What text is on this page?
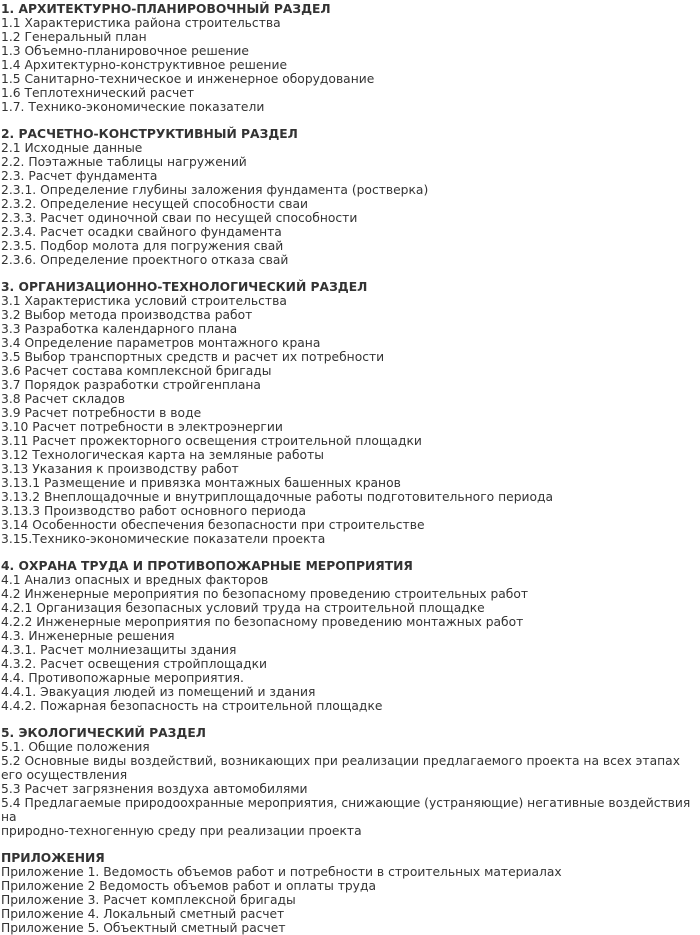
1. АРХИТЕКТУРНО-ПЛАНИРОВОЧНЫЙ РАЗДЕЛ
1.1 Характеристика района строительства
1.2 Генеральный план
1.3 Объемно-планировочное решение
1.4 Архитектурно-конструктивное решение
1.5 Санитарно-техническое и инженерное оборудование
1.6 Теплотехнический расчет
1.7. Технико-экономические показатели
2. РАСЧЕТНО-КОНСТРУКТИВНЫЙ РАЗДЕЛ
2.1 Исходные данные
2.2. Поэтажные таблицы нагружений
2.3. Расчет фундамента
2.3.1. Определение глубины заложения фундамента (ростверка)
2.3.2. Определение несущей способности сваи
2.3.3. Расчет одиночной сваи по несущей способности
2.3.4. Расчет осадки свайного фундамента
2.3.5. Подбор молота для погружения свай
2.3.6. Определение проектного отказа свай
3. ОРГАНИЗАЦИОННО-ТЕХНОЛОГИЧЕСКИЙ РАЗДЕЛ
3.1 Характеристика условий строительства
3.2 Выбор метода производства работ
3.3 Разработка календарного плана
3.4 Определение параметров монтажного крана
3.5 Выбор транспортных средств и расчет их потребности
3.6 Расчет состава комплексной бригады
3.7 Порядок разработки стройгенплана
3.8 Расчет складов
3.9 Расчет потребности в воде
3.10 Расчет потребности в электроэнергии
3.11 Расчет прожекторного освещения строительной площадки
3.12 Технологическая карта на земляные работы
3.13 Указания к производству работ
3.13.1 Размещение и привязка монтажных башенных кранов
3.13.2 Внеплощадочные и внутриплощадочные работы подготовительного периода
3.13.3 Производство работ основного периода
3.14 Особенности обеспечения безопасности при строительстве
3.15.Технико-экономические показатели проекта
4. ОХРАНА ТРУДА И ПРОТИВОПОЖАРНЫЕ МЕРОПРИЯТИЯ
4.1 Анализ опасных и вредных факторов
4.2 Инженерные мероприятия по безопасному проведению строительных работ
4.2.1 Организация безопасных условий труда на строительной площадке
4.2.2 Инженерные мероприятия по безопасному проведению монтажных работ
4.3. Инженерные решения
4.3.1. Расчет молниезащиты здания
4.3.2. Расчет освещения стройплощадки
4.4. Противопожарные мероприятия.
4.4.1. Эвакуация людей из помещений и здания
4.4.2. Пожарная безопасность на строительной площадке
5. ЭКОЛОГИЧЕСКИЙ РАЗДЕЛ
5.1. Общие положения
5.2 Основные виды воздействий, возникающих при реализации предлагаемого проекта на всех этапах его осуществления
5.3 Расчет загрязнения воздуха автомобилями
5.4 Предлагаемые природоохранные мероприятия, снижающие (устраняющие) негативные воздействия на
природно-техногенную среду при реализации проекта
ПРИЛОЖЕНИЯ
Приложение 1. Ведомость объемов работ и потребности в строительных материалах
Приложение 2 Ведомость объемов работ и оплаты труда
Приложение 3. Расчет комплексной бригады
Приложение 4. Локальный сметный расчет
Приложение 5. Объектный сметный расчет
